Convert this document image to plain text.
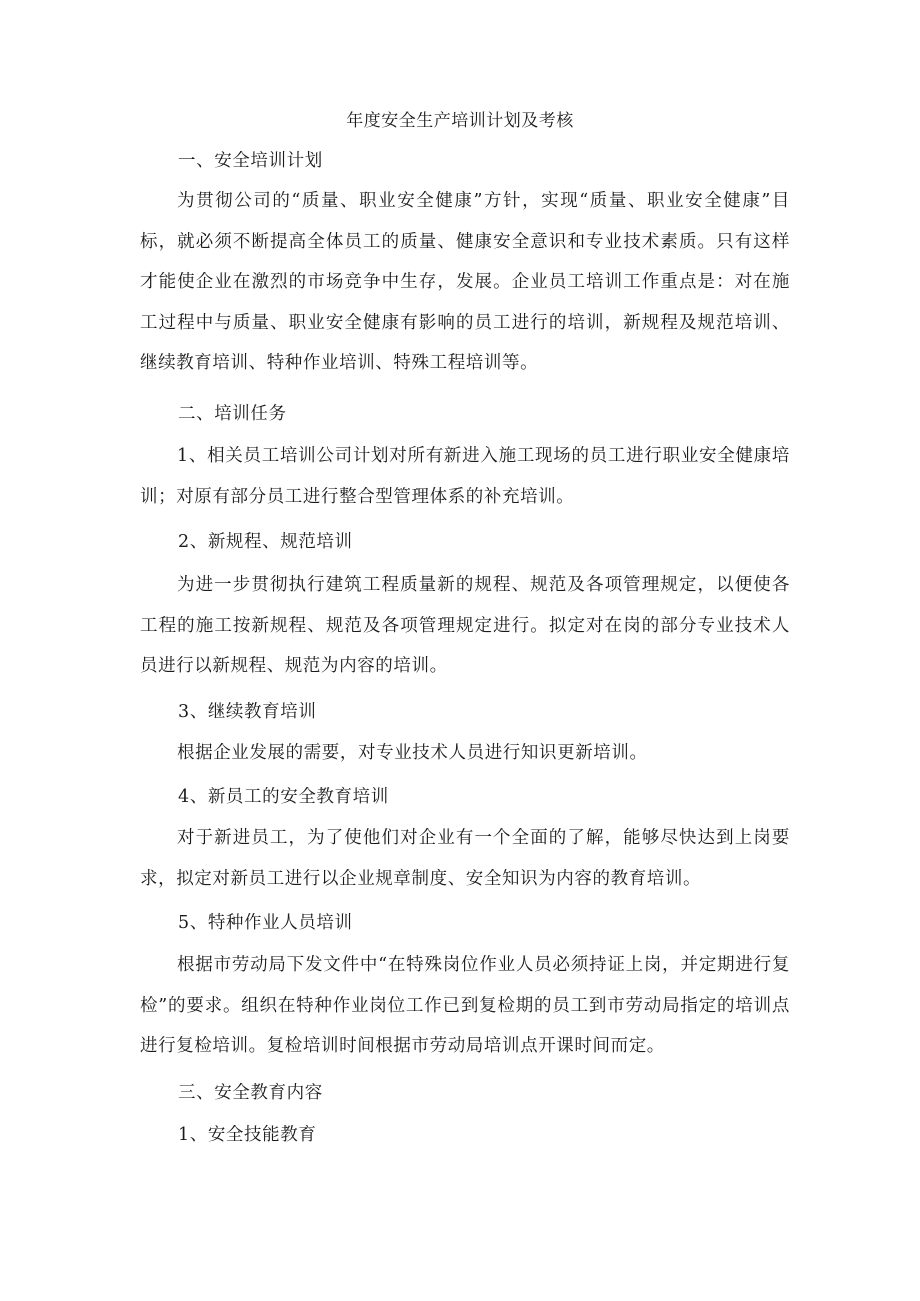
年度安全生产培训计划及考核
一、安全培训计划

为贯彻公司的“质量、职业安全健康”方针，实现“质量、职业安全健康”目标，就必须不断提高全体员工的质量、健康安全意识和专业技术素质。只有这样才能使企业在激烈的市场竞争中生存，发展。企业员工培训工作重点是：对在施工过程中与质量、职业安全健康有影响的员工进行的培训，新规程及规范培训、继续教育培训、特种作业培训、特殊工程培训等。

二、培训任务

1、相关员工培训公司计划对所有新进入施工现场的员工进行职业安全健康培训；对原有部分员工进行整合型管理体系的补充培训。

2、新规程、规范培训

为进一步贯彻执行建筑工程质量新的规程、规范及各项管理规定，以便使各工程的施工按新规程、规范及各项管理规定进行。拟定对在岗的部分专业技术人员进行以新规程、规范为内容的培训。

3、继续教育培训

根据企业发展的需要，对专业技术人员进行知识更新培训。

4、新员工的安全教育培训

对于新进员工，为了使他们对企业有一个全面的了解，能够尽快达到上岗要求，拟定对新员工进行以企业规章制度、安全知识为内容的教育培训。

5、特种作业人员培训

根据市劳动局下发文件中“在特殊岗位作业人员必须持证上岗，并定期进行复检”的要求。组织在特种作业岗位工作已到复检期的员工到市劳动局指定的培训点进行复检培训。复检培训时间根据市劳动局培训点开课时间而定。

三、安全教育内容
1、安全技能教育
